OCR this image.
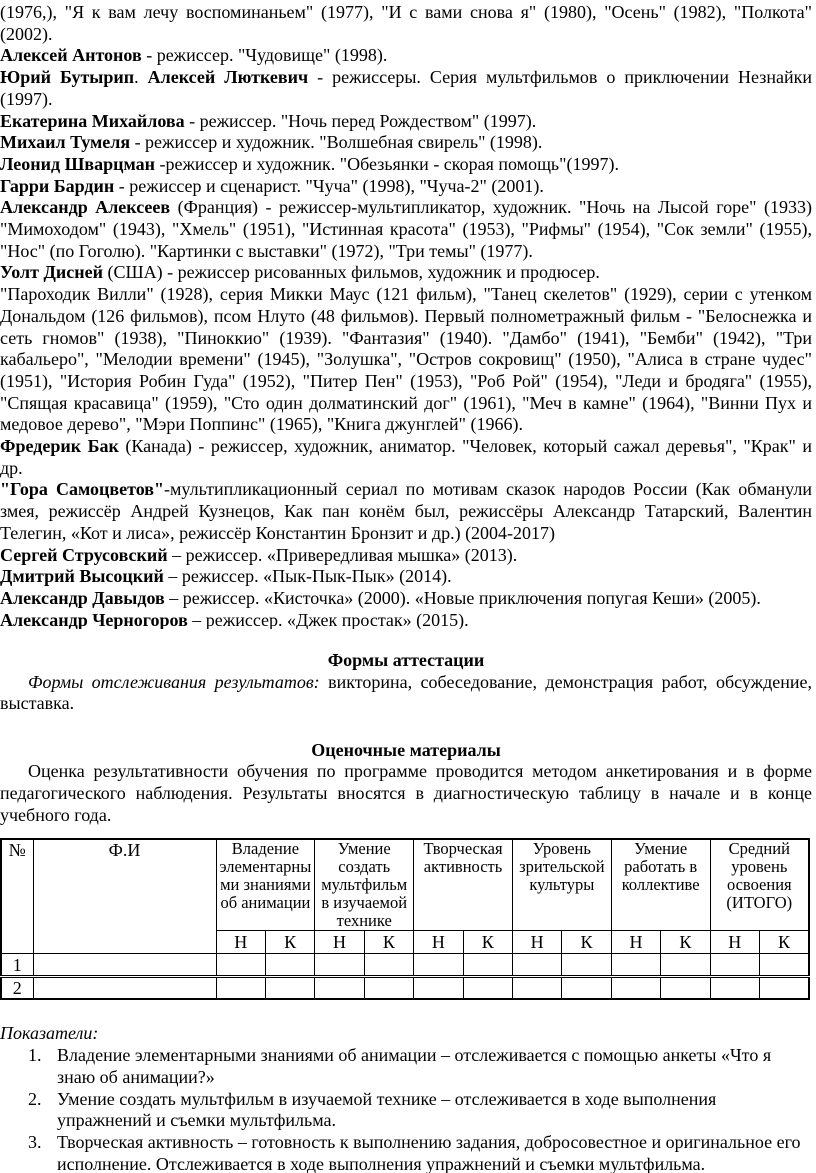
(1976,), "Я к вам лечу воспоминаньем" (1977), "И с вами снова я" (1980), "Осень" (1982), "Полкота" (2002).

Алексей Антонов - режиссер. "Чудовище" (1998).

Юрий Бутырип. Алексей Люткевич - режиссеры. Серия мультфильмов о приключении Незнайки (1997).

Екатерина Михайлова - режиссер. "Ночь перед Рождеством" (1997).

Михаил Тумеля - режиссер и художник. "Волшебная свирель" (1998).

Леонид Шварцман -режиссер и художник. "Обезьянки - скорая помощь"(1997).

Гарри Бардин - режиссер и сценарист. "Чуча" (1998), "Чуча-2" (2001).

Александр Алексеев (Франция) - режиссер-мультипликатор, художник. "Ночь на Лысой горе" (1933) "Мимоходом" (1943), "Хмель" (1951), "Истинная красота" (1953), "Рифмы" (1954), "Сок земли" (1955), "Нос" (по Гоголю). "Картинки с выставки" (1972), "Три темы" (1977).

Уолт Дисней (США) - режиссер рисованных фильмов, художник и продюсер.

"Пароходик Вилли" (1928), серия Микки Маус (121 фильм), "Танец скелетов" (1929), серии с утенком Дональдом (126 фильмов), псом Нлуто (48 фильмов). Первый полнометражный фильм - "Белоснежка и сеть гномов" (1938), "Пиноккио" (1939). "Фантазия" (1940). "Дамбо" (1941), "Бемби" (1942), "Три кабальеро", "Мелодии времени" (1945), "Золушка", "Остров сокровищ" (1950), "Алиса в стране чудес" (1951), "История Робин Гуда" (1952), "Питер Пен" (1953), "Роб Рой" (1954), "Леди и бродяга" (1955), "Спящая красавица" (1959), "Сто один долматинский дог" (1961), "Меч в камне" (1964), "Винни Пух и медовое дерево", "Мэри Поппинс" (1965), "Книга джунглей" (1966).

Фредерик Бак (Канада) - режиссер, художник, аниматор. "Человек, который сажал деревья", "Крак" и др.

"Гора Самоцветов"-мультипликационный сериал по мотивам сказок народов России (Как обманули змея, режиссёр Андрей Кузнецов, Как пан конём был, режиссёры Александр Татарский, Валентин Телегин, «Кот и лиса», режиссёр Константин Бронзит и др.) (2004-2017)

Сергей Струсовский – режиссер. «Привередливая мышка» (2013).

Дмитрий Высоцкий – режиссер. «Пык-Пык-Пык» (2014).

Александр Давыдов – режиссер. «Кисточка» (2000). «Новые приключения попугая Кеши» (2005).

Александр Черногоров – режиссер. «Джек простак» (2015).

Формы аттестации

Формы отслеживания результатов: викторина, собеседование, демонстрация работ, обсуждение, выставка.

Оценочные материалы

Оценка результативности обучения по программе проводится методом анкетирования и в форме педагогического наблюдения. Результаты вносятся в диагностическую таблицу в начале и в конце учебного года.

№	Ф.И	Владение элементарными знаниями об анимации		Умение создать мультфильм в изучаемой технике		Творческая активность		Уровень зрительской культуры		Умение работать в коллективе		Средний уровень освоения (ИТОГО)	
		Н	К	Н	К	Н	К	Н	К	Н	К	Н	К
1													
2													

Показатели:

1. Владение элементарными знаниями об анимации – отслеживается с помощью анкеты «Что я знаю об анимации?»
2. Умение создать мультфильм в изучаемой технике – отслеживается в ходе выполнения упражнений и съемки мультфильма.
3. Творческая активность – готовность к выполнению задания, добросовестное и оригинальное его исполнение. Отслеживается в ходе выполнения упражнений и съемки мультфильма.
